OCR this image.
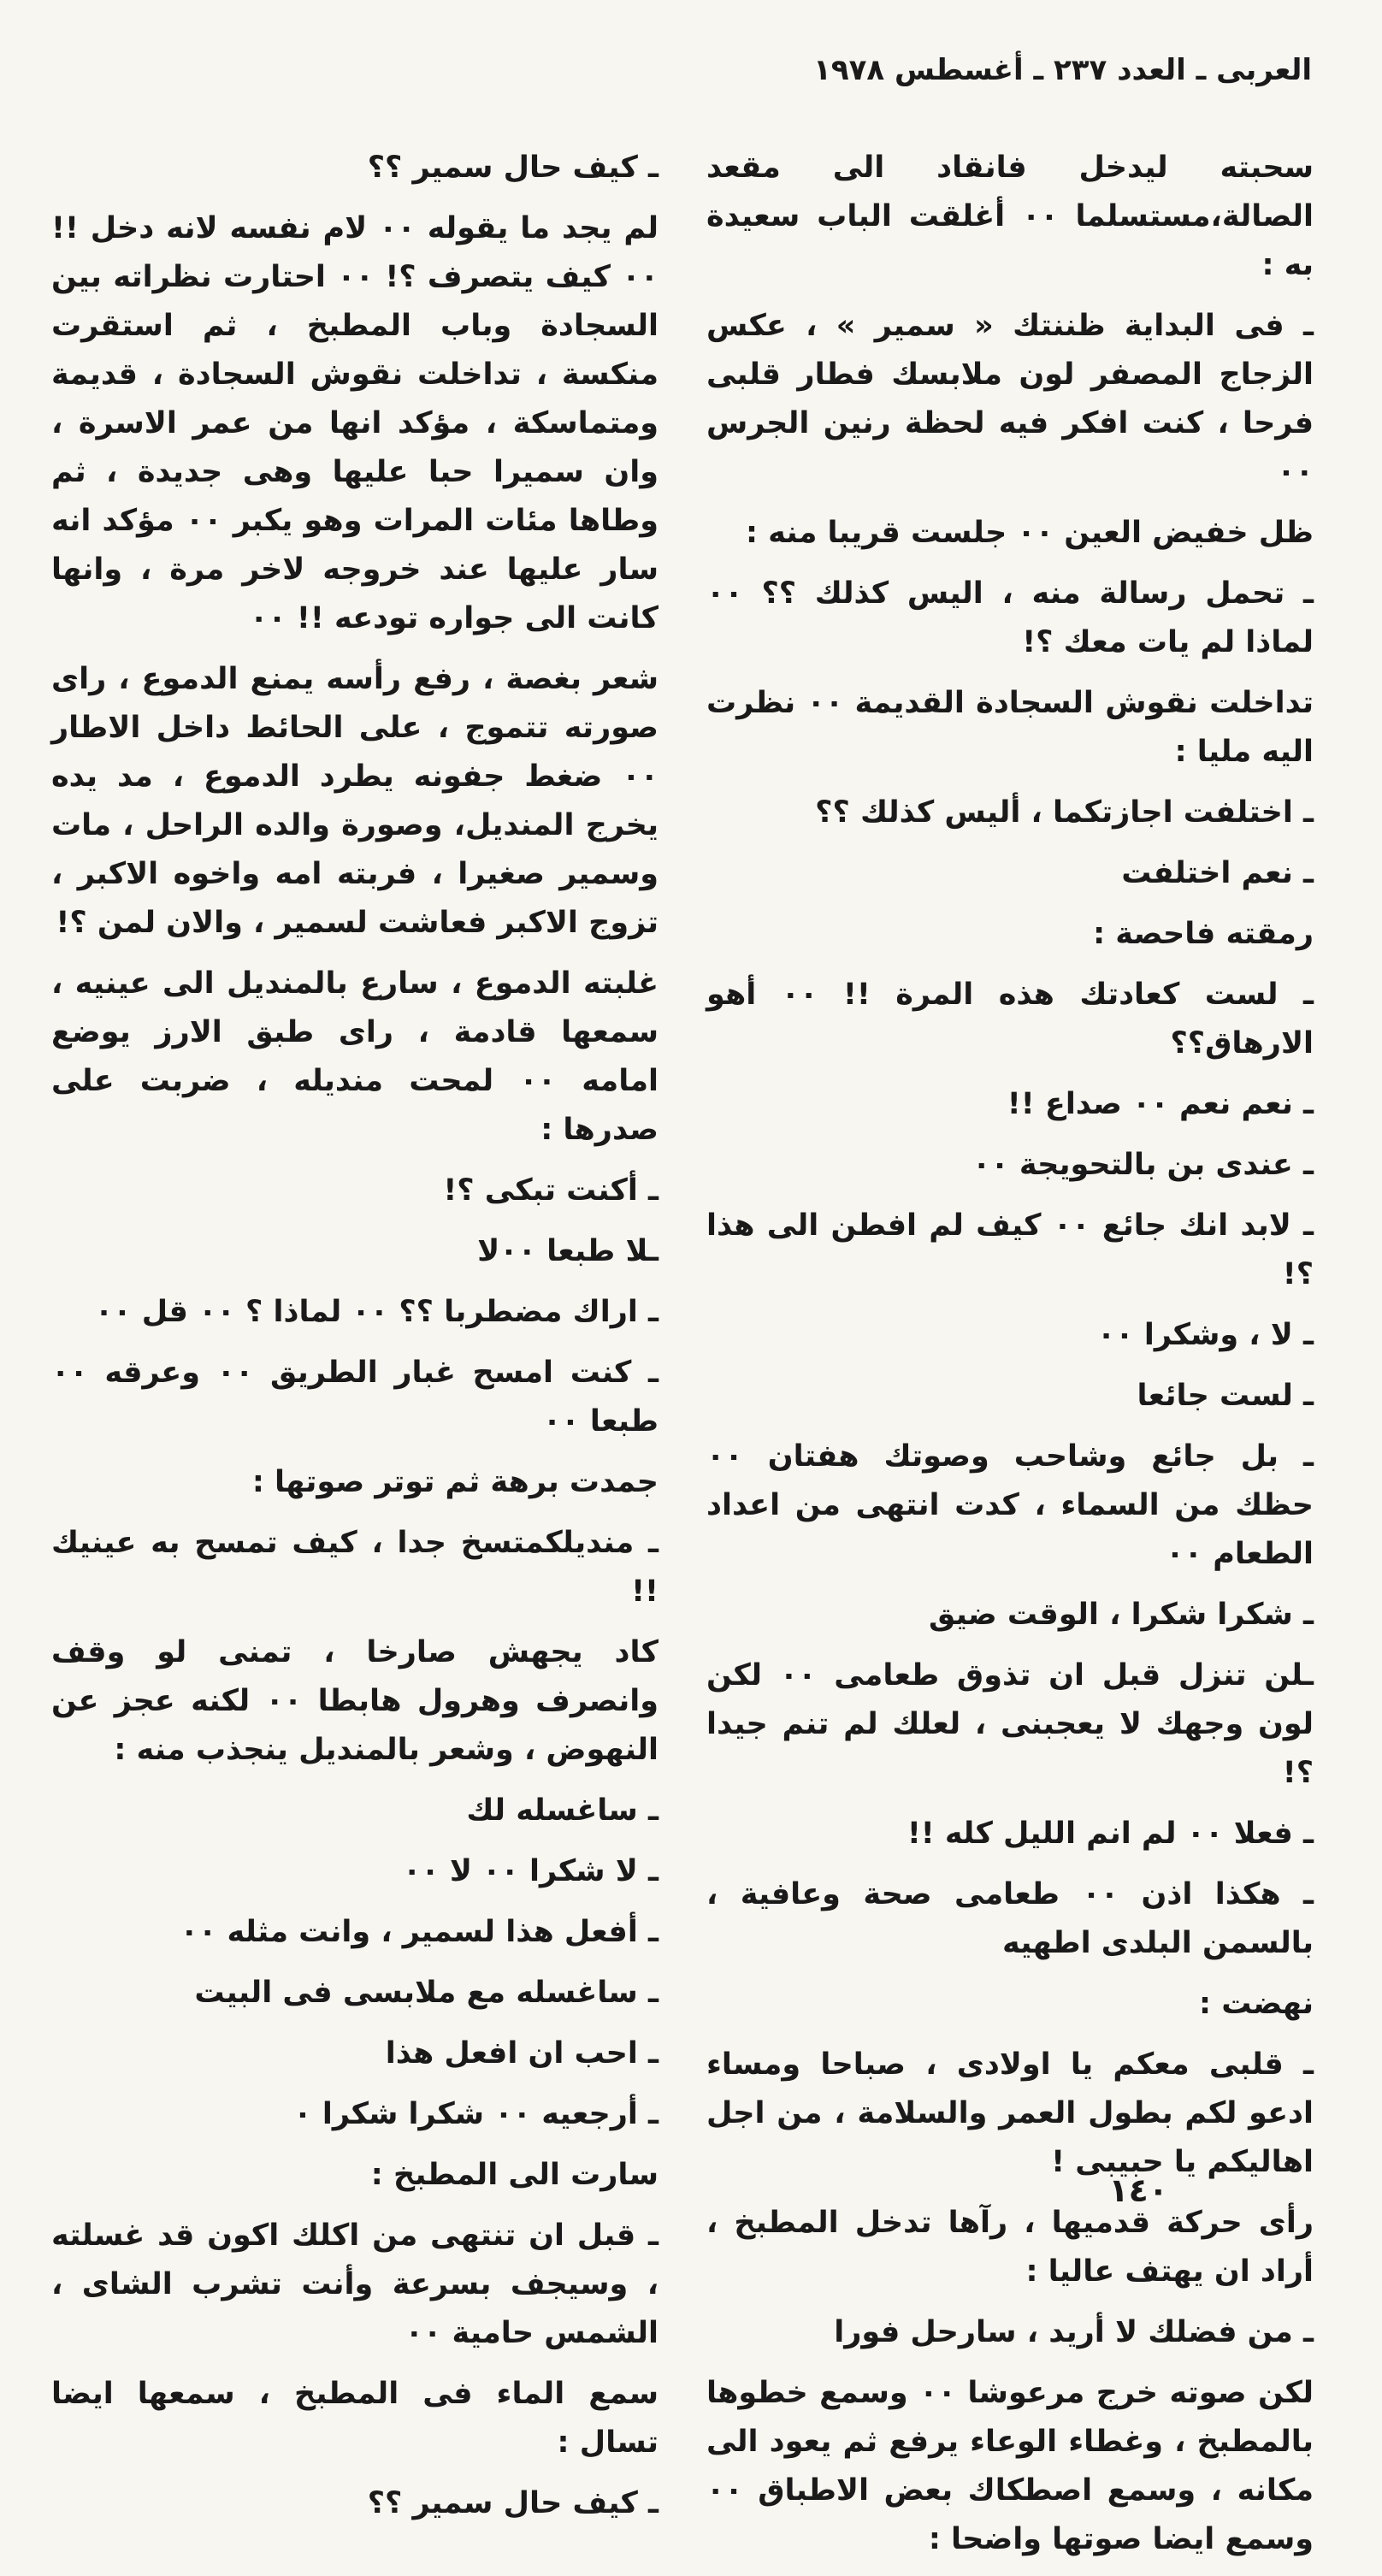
العربى ـ العدد ٢٣٧ ـ أغسطس ١٩٧٨

سحبته ليدخل فانقاد الى مقعد الصالة،مستسلما ٠٠ أغلقت الباب سعيدة به :

ـ فى البداية ظننتك « سمير » ، عكس الزجاج المصفر لون ملابسك فطار قلبى فرحا ، كنت افكر فيه لحظة رنين الجرس ٠٠

ظل خفيض العين ٠٠ جلست قريبا منه :

ـ تحمل رسالة منه ، اليس كذلك ؟؟ ٠٠ لماذا لم يات معك ؟!

تداخلت نقوش السجادة القديمة ٠٠ نظرت اليه مليا :

ـ اختلفت اجازتكما ، أليس كذلك ؟؟

ـ نعم اختلفت

رمقته فاحصة :

ـ لست كعادتك هذه المرة !! ٠٠ أهو الارهاق؟؟

ـ نعم نعم ٠٠ صداع !!

ـ عندى بن بالتحويجة ٠٠

ـ لابد انك جائع ٠٠ كيف لم افطن الى هذا ؟!

ـ لا ، وشكرا ٠٠

ـ لست جائعا

ـ بل جائع وشاحب وصوتك هفتان ٠٠ حظك من السماء ، كدت انتهى من اعداد الطعام ٠٠

ـ شكرا شكرا ، الوقت ضيق

ـلن تنزل قبل ان تذوق طعامى ٠٠ لكن لون وجهك لا يعجبنى ، لعلك لم تنم جيدا ؟!

ـ فعلا ٠٠ لم انم الليل كله !!

ـ هكذا اذن ٠٠ طعامى صحة وعافية ، بالسمن البلدى اطهيه

نهضت :

ـ قلبى معكم يا اولادى ، صباحا ومساء ادعو لكم بطول العمر والسلامة ، من اجل اهاليكم يا حبيبى !

رأى حركة قدميها ، رآها تدخل المطبخ ، أراد ان يهتف عاليا :

ـ من فضلك لا أريد ، سارحل فورا

لكن صوته خرج مرعوشا ٠٠ وسمع خطوها بالمطبخ ، وغطاء الوعاء يرفع ثم يعود الى مكانه ، وسمع اصطكاك بعض الاطباق ٠٠ وسمع ايضا صوتها واضحا :

ـ كيف حال سمير ؟؟

لم يجد ما يقوله ٠٠ لام نفسه لانه دخل !! ٠٠ كيف يتصرف ؟! ٠٠ احتارت نظراته بين السجادة وباب المطبخ ، ثم استقرت منكسة ، تداخلت نقوش السجادة ، قديمة ومتماسكة ، مؤكد انها من عمر الاسرة ، وان سميرا حبا عليها وهى جديدة ، ثم وطاها مئات المرات وهو يكبر ٠٠ مؤكد انه سار عليها عند خروجه لاخر مرة ، وانها كانت الى جواره تودعه !! ٠٠

شعر بغصة ، رفع رأسه يمنع الدموع ، راى صورته تتموج ، على الحائط داخل الاطار ٠٠ ضغط جفونه يطرد الدموع ، مد يده يخرج المنديل، وصورة والده الراحل ، مات وسمير صغيرا ، فربته امه واخوه الاكبر ، تزوج الاكبر فعاشت لسمير ، والان لمن ؟!

غلبته الدموع ، سارع بالمنديل الى عينيه ، سمعها قادمة ، راى طبق الارز يوضع امامه ٠٠ لمحت منديله ، ضربت على صدرها :

ـ أكنت تبكى ؟!

ـلا طبعا ٠٠لا

ـ اراك مضطربا ؟؟ ٠٠ لماذا ؟ ٠٠ قل ٠٠

ـ كنت امسح غبار الطريق ٠٠ وعرقه ٠٠ طبعا ٠٠

جمدت برهة ثم توتر صوتها :

ـ منديلكمتسخ جدا ، كيف تمسح به عينيك !!

كاد يجهش صارخا ، تمنى لو وقف وانصرف وهرول هابطا ٠٠ لكنه عجز عن النهوض ، وشعر بالمنديل ينجذب منه :

ـ ساغسله لك

ـ لا شكرا ٠٠ لا ٠٠

ـ أفعل هذا لسمير ، وانت مثله ٠٠

ـ ساغسله مع ملابسى فى البيت

ـ احب ان افعل هذا

ـ أرجعيه ٠٠ شكرا شكرا ٠

سارت الى المطبخ :

ـ قبل ان تنتهى من اكلك اكون قد غسلته ، وسيجف بسرعة وأنت تشرب الشاى ، الشمس حامية ٠٠

سمع الماء فى المطبخ ، سمعها ايضا تسال :

ـ كيف حال سمير ؟؟

١٤٠
